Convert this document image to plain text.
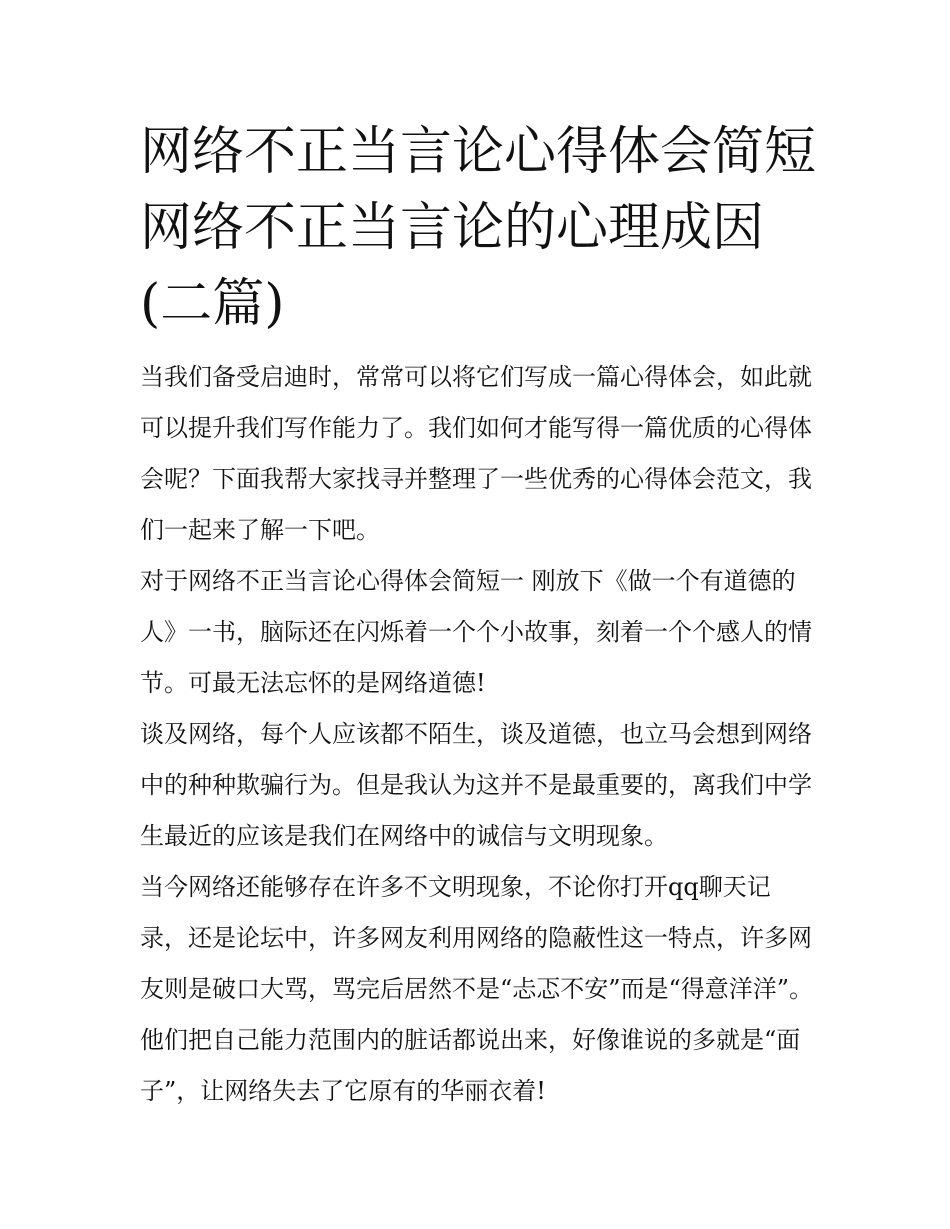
网络不正当言论心得体会简短网络不正当言论的心理成因(二篇)

当我们备受启迪时，常常可以将它们写成一篇心得体会，如此就可以提升我们写作能力了。我们如何才能写得一篇优质的心得体会呢？下面我帮大家找寻并整理了一些优秀的心得体会范文，我们一起来了解一下吧。

对于网络不正当言论心得体会简短一 刚放下《做一个有道德的人》一书，脑际还在闪烁着一个个小故事，刻着一个个感人的情节。可最无法忘怀的是网络道德!

谈及网络，每个人应该都不陌生，谈及道德，也立马会想到网络中的种种欺骗行为。但是我认为这并不是最重要的，离我们中学生最近的应该是我们在网络中的诚信与文明现象。

当今网络还能够存在许多不文明现象，不论你打开qq聊天记录，还是论坛中，许多网友利用网络的隐蔽性这一特点，许多网友则是破口大骂，骂完后居然不是“忐忑不安”而是“得意洋洋”。他们把自己能力范围内的脏话都说出来，好像谁说的多就是“面子”，让网络失去了它原有的华丽衣着!
